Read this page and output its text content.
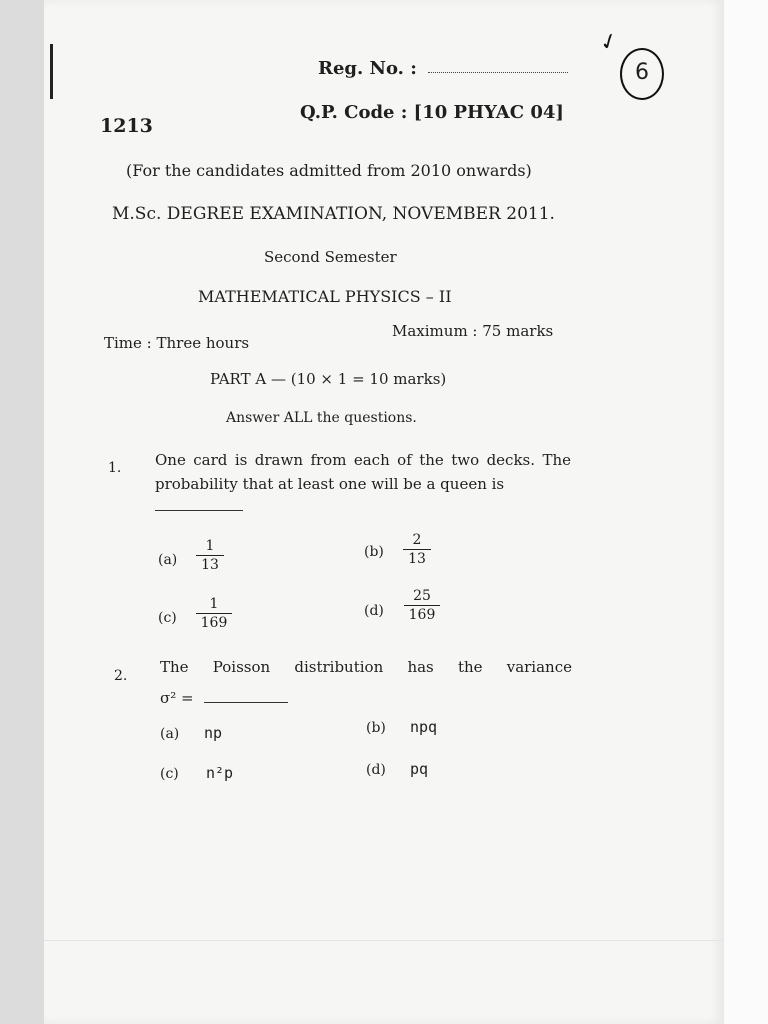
6
✓
Reg. No. :
1213
Q.P. Code : [10 PHYAC 04]
(For the candidates admitted from 2010 onwards)
M.Sc. DEGREE EXAMINATION, NOVEMBER 2011.
Second Semester
MATHEMATICAL PHYSICS – II
Time : Three hours
Maximum : 75 marks
PART A — (10 × 1 = 10 marks)
Answer ALL the questions.
1. One card is drawn from each of the two decks. The probability that at least one will be a queen is
(a)
1
13
(b)
2
13
(c)
1
169
(d)
25
169
2. The Poisson distribution has the variance
σ² =
(a) np	(b) npq
(c) n²p	(d) pq
